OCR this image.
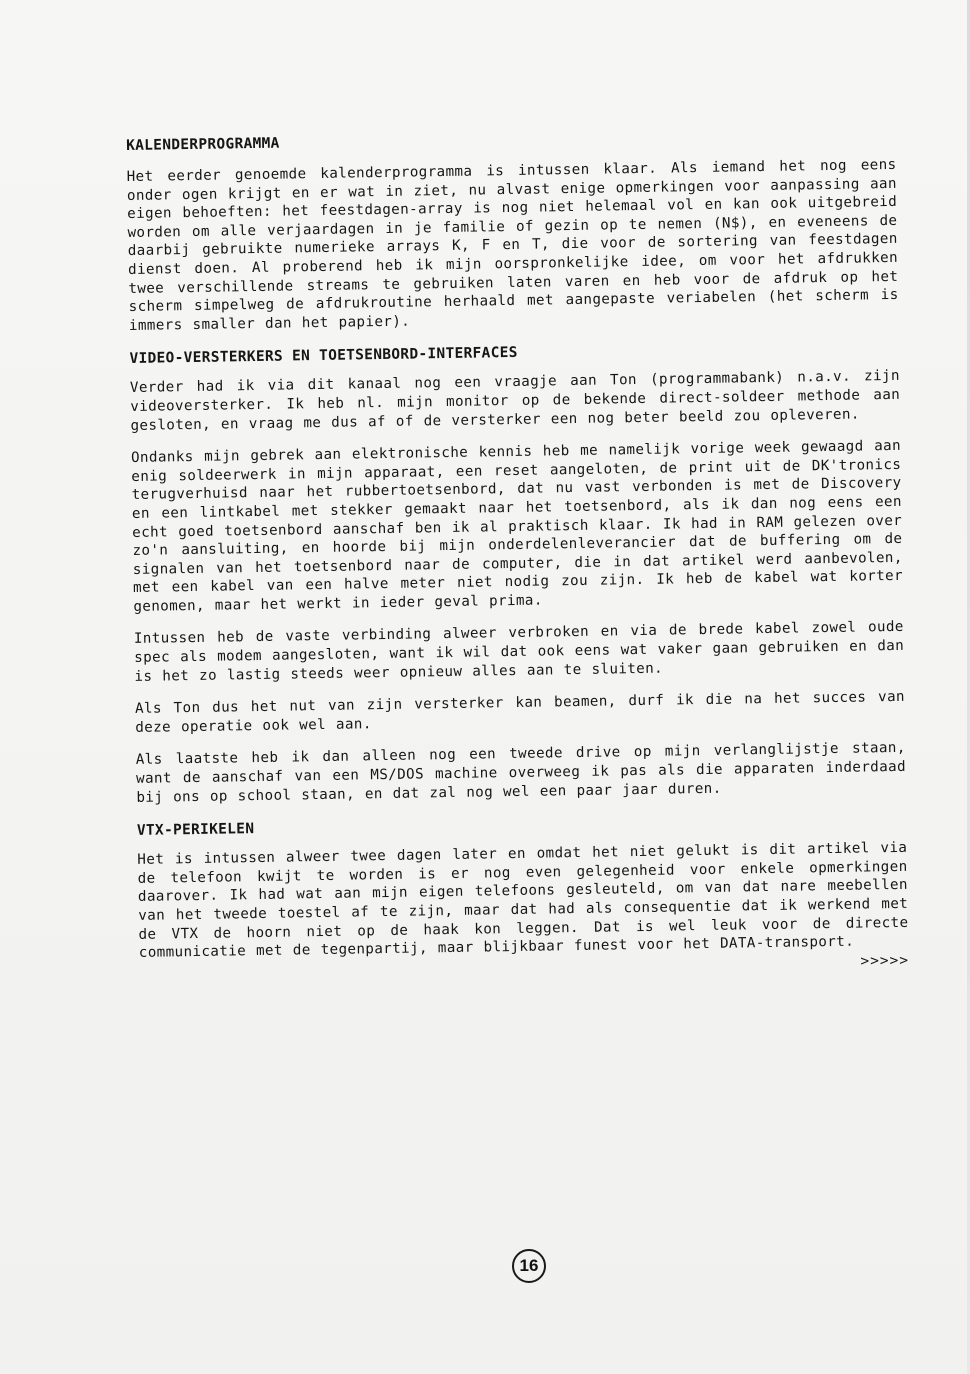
KALENDERPROGRAMMA

Het eerder genoemde kalenderprogramma is intussen klaar. Als iemand het nog eens onder ogen krijgt en er wat in ziet, nu alvast enige opmerkingen voor aanpassing aan eigen behoeften: het feestdagen-array is nog niet helemaal vol en kan ook uitgebreid worden om alle verjaardagen in je familie of gezin op te nemen (N$), en eveneens de daarbij gebruikte numerieke arrays K, F en T, die voor de sortering van feestdagen dienst doen. Al proberend heb ik mijn oorspronkelijke idee, om voor het afdrukken twee verschillende streams te gebruiken laten varen en heb voor de afdruk op het scherm simpelweg de afdrukroutine herhaald met aangepaste veriabelen (het scherm is immers smaller dan het papier).

VIDEO-VERSTERKERS EN TOETSENBORD-INTERFACES

Verder had ik via dit kanaal nog een vraagje aan Ton (programmabank) n.a.v. zijn videoversterker. Ik heb nl. mijn monitor op de bekende direct-soldeer methode aan gesloten, en vraag me dus af of de versterker een nog beter beeld zou opleveren.

Ondanks mijn gebrek aan elektronische kennis heb me namelijk vorige week gewaagd aan enig soldeerwerk in mijn apparaat, een reset aangeloten, de print uit de DK'tronics terugverhuisd naar het rubbertoetsenbord, dat nu vast verbonden is met de Discovery en een lintkabel met stekker gemaakt naar het toetsenbord, als ik dan nog eens een echt goed toetsenbord aanschaf ben ik al praktisch klaar. Ik had in RAM gelezen over zo'n aansluiting, en hoorde bij mijn onderdelenleverancier dat de buffering om de signalen van het toetsenbord naar de computer, die in dat artikel werd aanbevolen, met een kabel van een halve meter niet nodig zou zijn. Ik heb de kabel wat korter genomen, maar het werkt in ieder geval prima.

Intussen heb de vaste verbinding alweer verbroken en via de brede kabel zowel oude spec als modem aangesloten, want ik wil dat ook eens wat vaker gaan gebruiken en dan is het zo lastig steeds weer opnieuw alles aan te sluiten.

Als Ton dus het nut van zijn versterker kan beamen, durf ik die na het succes van deze operatie ook wel aan.

Als laatste heb ik dan alleen nog een tweede drive op mijn verlanglijstje staan, want de aanschaf van een MS/DOS machine overweeg ik pas als die apparaten inderdaad bij ons op school staan, en dat zal nog wel een paar jaar duren.

VTX-PERIKELEN

Het is intussen alweer twee dagen later en omdat het niet gelukt is dit artikel via de telefoon kwijt te worden is er nog even gelegenheid voor enkele opmerkingen daarover. Ik had wat aan mijn eigen telefoons gesleuteld, om van dat nare meebellen van het tweede toestel af te zijn, maar dat had als consequentie dat ik werkend met de VTX de hoorn niet op de haak kon leggen. Dat is wel leuk voor de directe communicatie met de tegenpartij, maar blijkbaar funest voor het DATA-transport. >>>>>
16
